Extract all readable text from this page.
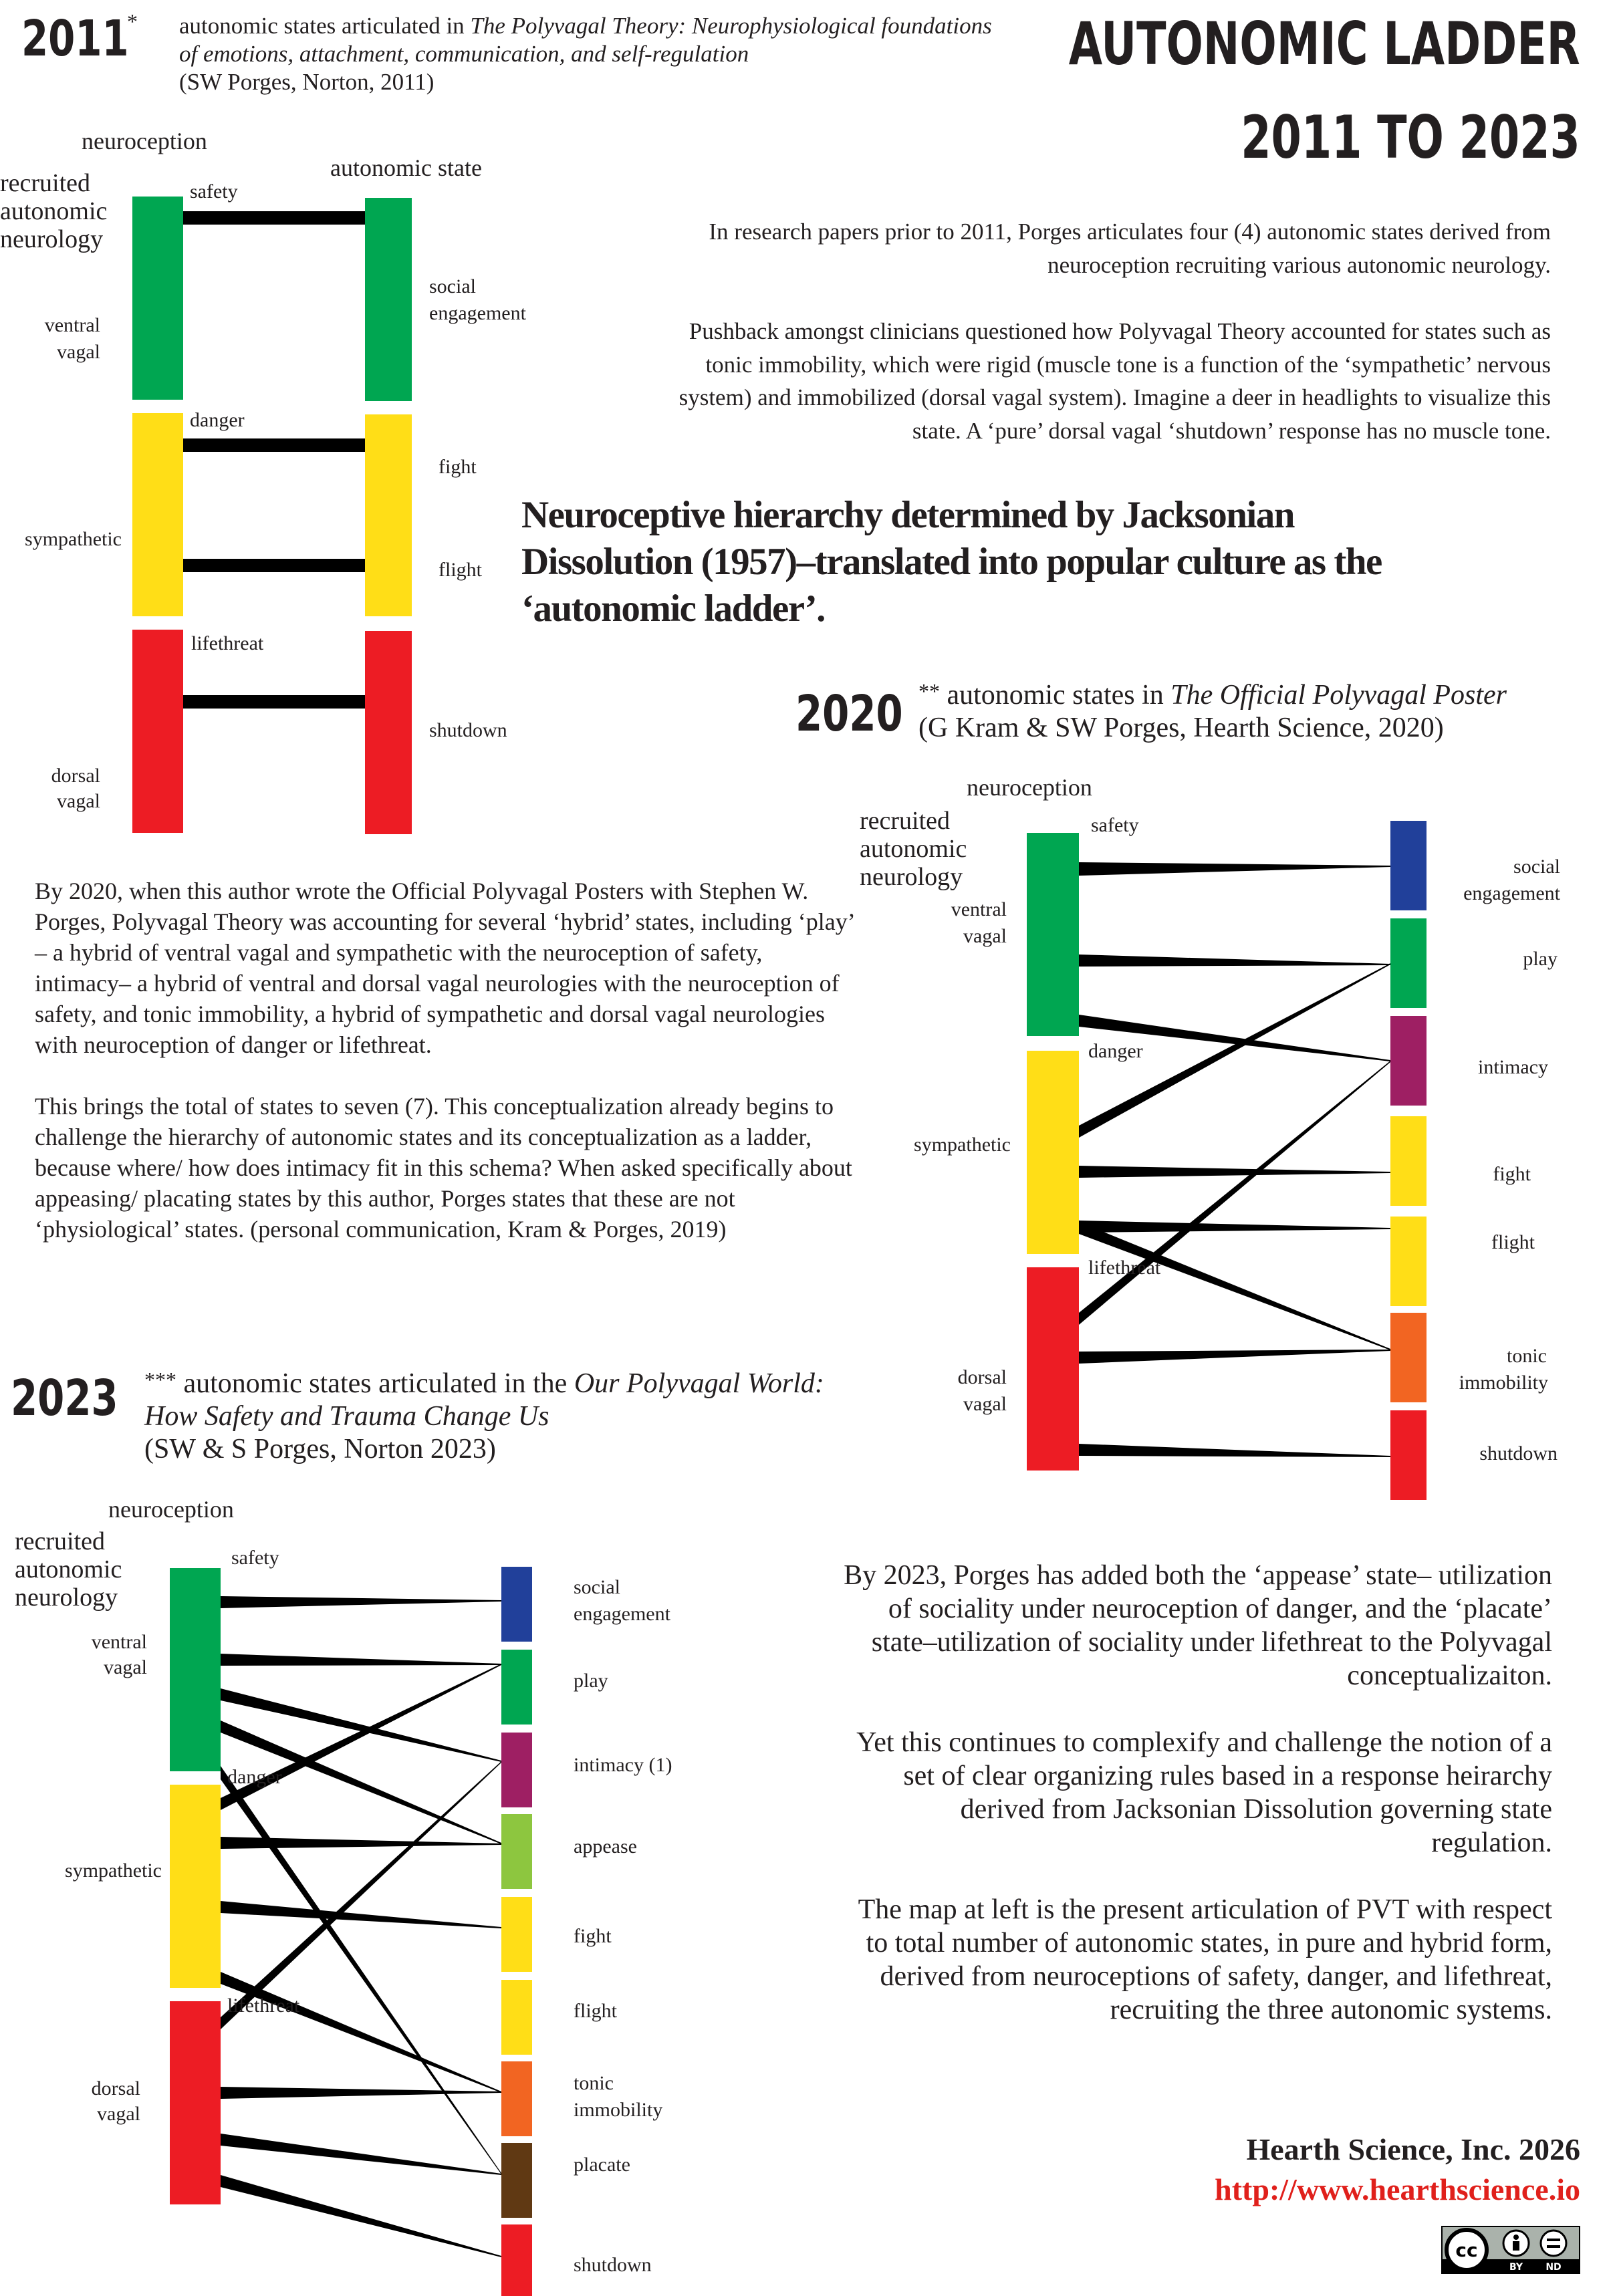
AUTONOMIC LADDER
2011 TO 2023
2011
* autonomic states articulated in The Polyvagal Theory: Neurophysiological foundations of emotions, attachment, communication, and self-regulation
(SW Porges, Norton, 2011)

In research papers prior to 2011, Porges articulates four (4) autonomic states derived from neuroception recruiting various autonomic neurology.

Pushback amongst clinicians questioned how Polyvagal Theory accounted for states such as tonic immobility, which were rigid (muscle tone is a function of the ‘sympathetic’ nervous system) and immobilized (dorsal vagal system). Imagine a deer in headlights to visualize this state. A ‘pure’ dorsal vagal ‘shutdown’ response has no muscle tone.

Neuroceptive hierarchy determined by Jacksonian Dissolution (1957)–translated into popular culture as the ‘autonomic ladder’.
2020 ** autonomic states in The Official Polyvagal Poster
(G Kram & SW Porges, Hearth Science, 2020)

By 2020, when this author wrote the Official Polyvagal Posters with Stephen W. Porges, Polyvagal Theory was accounting for several ‘hybrid’ states, including ‘play’ – a hybrid of ventral vagal and sympathetic with the neuroception of safety, intimacy– a hybrid of ventral and dorsal vagal neurologies with the neuroception of safety, and tonic immobility, a hybrid of sympathetic and dorsal vagal neurologies with neuroception of danger or lifethreat.

This brings the total of states to seven (7). This conceptualization already begins to challenge the hierarchy of autonomic states and its conceptualization as a ladder, because where/ how does intimacy fit in this schema? When asked specifically about appeasing/ placating states by this author, Porges states that these are not ‘physiological’ states. (personal communication, Kram & Porges, 2019)

2023 *** autonomic states articulated in the Our Polyvagal World: How Safety and Trauma Change Us
(SW & S Porges, Norton 2023)

By 2023, Porges has added both the ‘appease’ state– utilization of sociality under neuroception of danger, and the ‘placate’ state–utilization of sociality under lifethreat to the Polyvagal conceptualizaiton.

Yet this continues to complexify and challenge the notion of a set of clear organizing rules based in a response heirarchy derived from Jacksonian Dissolution governing state regulation.

The map at left is the present articulation of PVT with respect to total number of autonomic states, in pure and hybrid form, derived from neuroceptions of safety, danger, and lifethreat, recruiting the three autonomic systems.

Hearth Science, Inc. 2026
http://www.hearthscience.io
cc
BY ND
neuroception
autonomic state
recruited
autonomic
neurology
safety
danger
lifethreat
ventral
vagal
sympathetic
dorsal
vagal
social
engagement
fight
flight
shutdown
neuroception
recruited
autonomic
neurology
safety
danger
lifethreat
ventral
vagal
sympathetic
dorsal
vagal
social
engagement
play
intimacy
fight
flight
tonic
immobility
shutdown
neuroception
recruited
autonomic
neurology
safety
danger
lifethreat
ventral
vagal
sympathetic
dorsal
vagal
social
engagement
play
intimacy (1)
appease
fight
flight
tonic
immobility
placate
shutdown
